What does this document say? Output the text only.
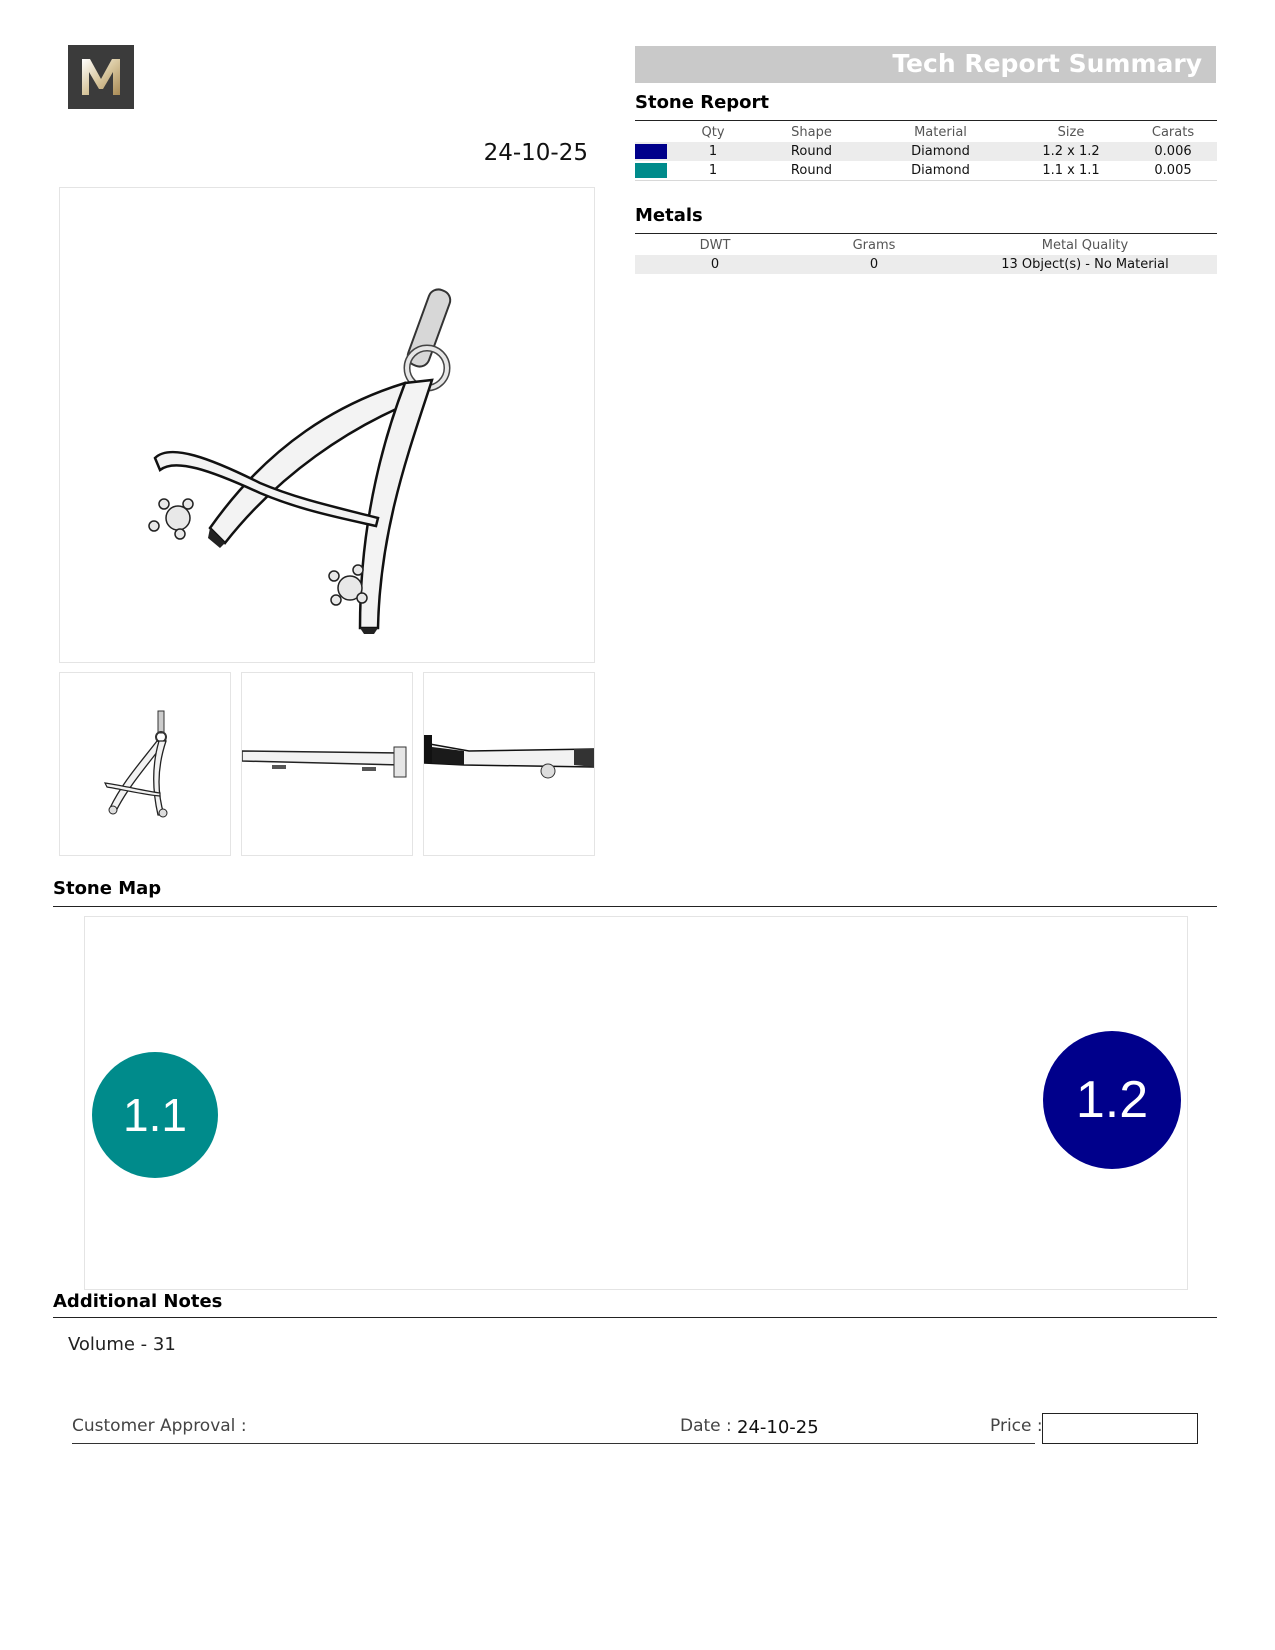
24-10-25
Tech Report Summary
Stone Report
	Qty	Shape	Material	Size	Carats
	1	Round	Diamond	1.2 x 1.2	0.006
	1	Round	Diamond	1.1 x 1.1	0.005
Metals
DWT	Grams	Metal Quality
0	0	13 Object(s) - No Material
Stone Map
1.1	1.2
Additional Notes
Volume - 31
Customer Approval :	Date : 24-10-25	Price :
